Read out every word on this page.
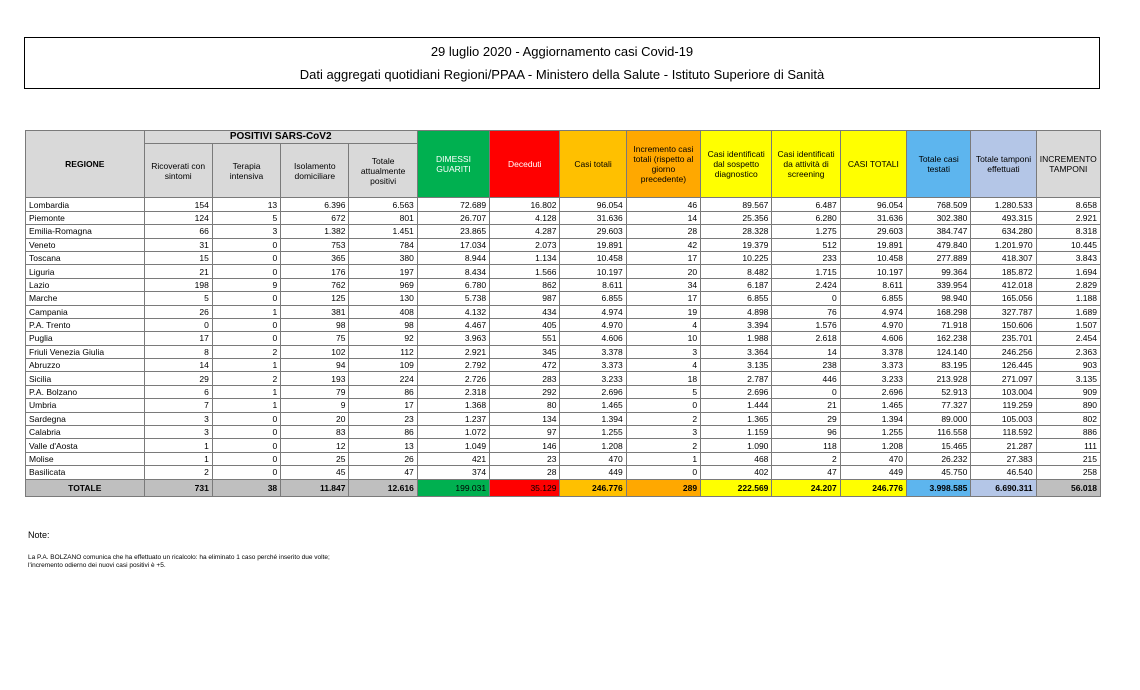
29 luglio 2020 - Aggiornamento casi Covid-19
Dati aggregati quotidiani Regioni/PPAA - Ministero della Salute - Istituto Superiore di Sanità
REGIONE	POSITIVI SARS-CoV2				DIMESSI GUARITI	Deceduti	Casi totali	Incremento casi totali (rispetto al giorno precedente)	Casi identificati dal sospetto diagnostico	Casi identificati da attività di screening	CASI TOTALI	Totale casi testati	Totale tamponi effettuati	INCREMENTO TAMPONI
	Ricoverati con sintomi	Terapia intensiva	Isolamento domiciliare	Totale attualmente positivi										
Lombardia	154	13	6.396	6.563	72.689	16.802	96.054	46	89.567	6.487	96.054	768.509	1.280.533	8.658
Piemonte	124	5	672	801	26.707	4.128	31.636	14	25.356	6.280	31.636	302.380	493.315	2.921
Emilia-Romagna	66	3	1.382	1.451	23.865	4.287	29.603	28	28.328	1.275	29.603	384.747	634.280	8.318
Veneto	31	0	753	784	17.034	2.073	19.891	42	19.379	512	19.891	479.840	1.201.970	10.445
Toscana	15	0	365	380	8.944	1.134	10.458	17	10.225	233	10.458	277.889	418.307	3.843
Liguria	21	0	176	197	8.434	1.566	10.197	20	8.482	1.715	10.197	99.364	185.872	1.694
Lazio	198	9	762	969	6.780	862	8.611	34	6.187	2.424	8.611	339.954	412.018	2.829
Marche	5	0	125	130	5.738	987	6.855	17	6.855	0	6.855	98.940	165.056	1.188
Campania	26	1	381	408	4.132	434	4.974	19	4.898	76	4.974	168.298	327.787	1.689
P.A. Trento	0	0	98	98	4.467	405	4.970	4	3.394	1.576	4.970	71.918	150.606	1.507
Puglia	17	0	75	92	3.963	551	4.606	10	1.988	2.618	4.606	162.238	235.701	2.454
Friuli Venezia Giulia	8	2	102	112	2.921	345	3.378	3	3.364	14	3.378	124.140	246.256	2.363
Abruzzo	14	1	94	109	2.792	472	3.373	4	3.135	238	3.373	83.195	126.445	903
Sicilia	29	2	193	224	2.726	283	3.233	18	2.787	446	3.233	213.928	271.097	3.135
P.A. Bolzano	6	1	79	86	2.318	292	2.696	5	2.696	0	2.696	52.913	103.004	909
Umbria	7	1	9	17	1.368	80	1.465	0	1.444	21	1.465	77.327	119.259	890
Sardegna	3	0	20	23	1.237	134	1.394	2	1.365	29	1.394	89.000	105.003	802
Calabria	3	0	83	86	1.072	97	1.255	3	1.159	96	1.255	116.558	118.592	886
Valle d'Aosta	1	0	12	13	1.049	146	1.208	2	1.090	118	1.208	15.465	21.287	111
Molise	1	0	25	26	421	23	470	1	468	2	470	26.232	27.383	215
Basilicata	2	0	45	47	374	28	449	0	402	47	449	45.750	46.540	258
TOTALE	731	38	11.847	12.616	199.031	35.129	246.776	289	222.569	24.207	246.776	3.998.585	6.690.311	56.018
Note:
La P.A. BOLZANO comunica che ha effettuato un ricalcolo: ha eliminato 1 caso perché inserito due volte;
l'incremento odierno dei nuovi casi positivi è +5.
